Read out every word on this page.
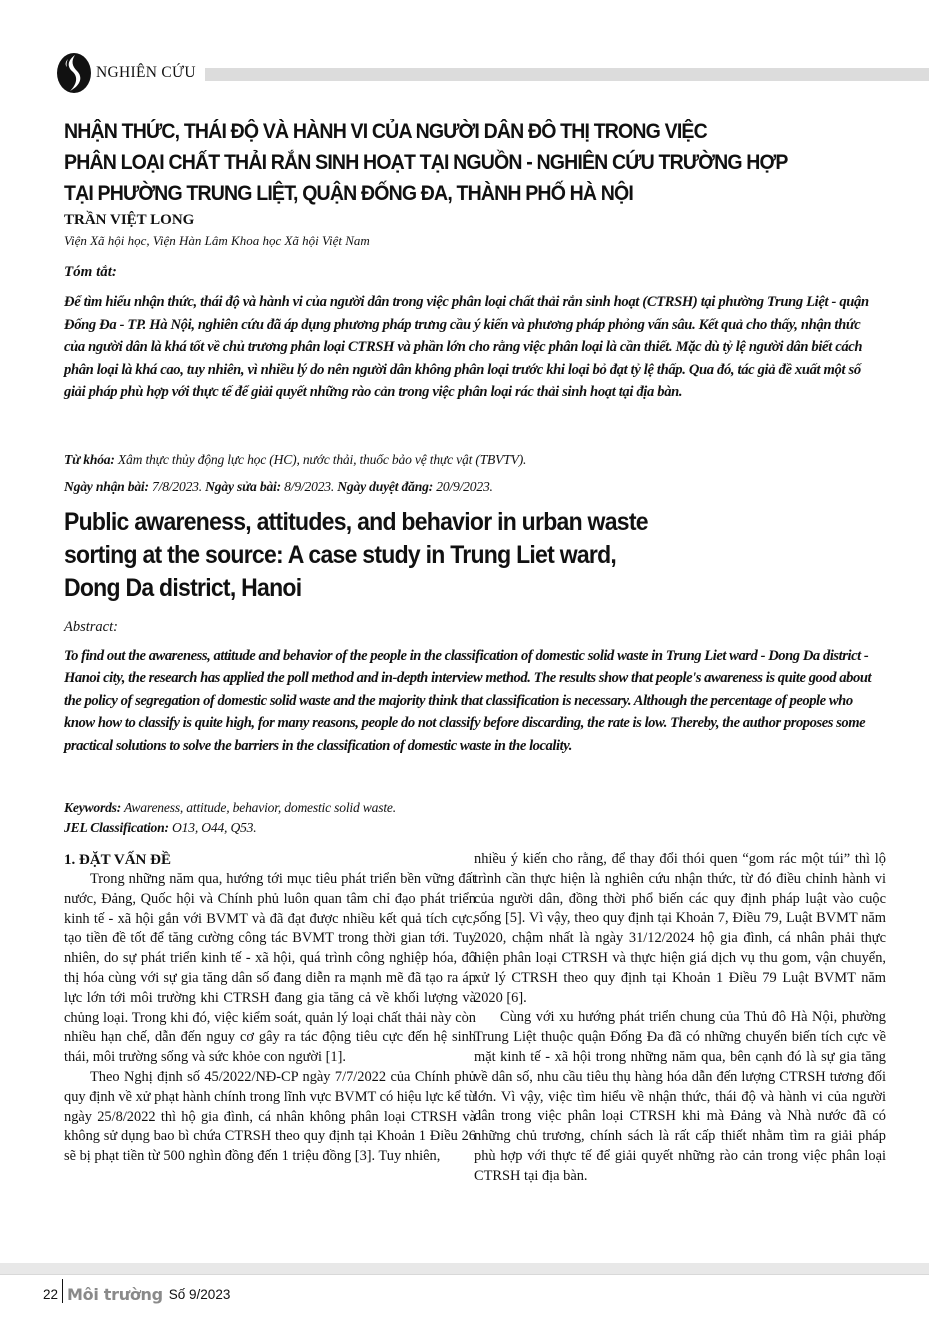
NGHIÊN CỨU
NHẬN THỨC, THÁI ĐỘ VÀ HÀNH VI CỦA NGƯỜI DÂN ĐÔ THỊ TRONG VIỆC
PHÂN LOẠI CHẤT THẢI RẮN SINH HOẠT TẠI NGUỒN - NGHIÊN CỨU TRƯỜNG HỢP
TẠI PHƯỜNG TRUNG LIỆT, QUẬN ĐỐNG ĐA, THÀNH PHỐ HÀ NỘI
TRẦN VIỆT LONG
Viện Xã hội học, Viện Hàn Lâm Khoa học Xã hội Việt Nam
Tóm tắt:
Để tìm hiểu nhận thức, thái độ và hành vi của người dân trong việc phân loại chất thải rắn sinh hoạt (CTRSH) tại phường Trung Liệt - quận Đống Đa - TP. Hà Nội, nghiên cứu đã áp dụng phương pháp trưng cầu ý kiến và phương pháp phỏng vấn sâu. Kết quả cho thấy, nhận thức của người dân là khá tốt về chủ trương phân loại CTRSH và phần lớn cho rằng việc phân loại là cần thiết. Mặc dù tỷ lệ người dân biết cách phân loại là khá cao, tuy nhiên, vì nhiều lý do nên người dân không phân loại trước khi loại bỏ đạt tỷ lệ thấp. Qua đó, tác giả đề xuất một số giải pháp phù hợp với thực tế để giải quyết những rào cản trong việc phân loại rác thải sinh hoạt tại địa bàn.
Từ khóa: Xâm thực thủy động lực học (HC), nước thải, thuốc bảo vệ thực vật (TBVTV).
Ngày nhận bài: 7/8/2023. Ngày sửa bài: 8/9/2023. Ngày duyệt đăng: 20/9/2023.
Public awareness, attitudes, and behavior in urban waste
sorting at the source: A case study in Trung Liet ward,
Dong Da district, Hanoi
Abstract:
To find out the awareness, attitude and behavior of the people in the classification of domestic solid waste in Trung Liet ward - Dong Da district - Hanoi city, the research has applied the poll method and in-depth interview method. The results show that people's awareness is quite good about the policy of segregation of domestic solid waste and the majority think that classification is necessary. Although the percentage of people who know how to classify is quite high, for many reasons, people do not classify before discarding, the rate is low. Thereby, the author proposes some practical solutions to solve the barriers in the classification of domestic waste in the locality.
Keywords: Awareness, attitude, behavior, domestic solid waste.
JEL Classification: O13, O44, Q53.
1. ĐẶT VẤN ĐỀ

Trong những năm qua, hướng tới mục tiêu phát triển bền vững đất nước, Đảng, Quốc hội và Chính phủ luôn quan tâm chỉ đạo phát triển kinh tế - xã hội gắn với BVMT và đã đạt được nhiều kết quả tích cực, tạo tiền đề tốt để tăng cường công tác BVMT trong thời gian tới. Tuy nhiên, do sự phát triển kinh tế - xã hội, quá trình công nghiệp hóa, đô thị hóa cùng với sự gia tăng dân số đang diễn ra mạnh mẽ đã tạo ra áp lực lớn tới môi trường khi CTRSH đang gia tăng cả về khối lượng và chủng loại. Trong khi đó, việc kiểm soát, quản lý loại chất thải này còn nhiều hạn chế, dẫn đến nguy cơ gây ra tác động tiêu cực đến hệ sinh thái, môi trường sống và sức khỏe con người [1].

Theo Nghị định số 45/2022/NĐ-CP ngày 7/7/2022 của Chính phủ quy định về xử phạt hành chính trong lĩnh vực BVMT có hiệu lực kể từ ngày 25/8/2022 thì hộ gia đình, cá nhân không phân loại CTRSH và không sử dụng bao bì chứa CTRSH theo quy định tại Khoản 1 Điều 26 sẽ bị phạt tiền từ 500 nghìn đồng đến 1 triệu đồng [3]. Tuy nhiên,

nhiều ý kiến cho rằng, để thay đổi thói quen “gom rác một túi” thì lộ trình cần thực hiện là nghiên cứu nhận thức, từ đó điều chỉnh hành vi của người dân, đồng thời phổ biến các quy định pháp luật vào cuộc sống [5]. Vì vậy, theo quy định tại Khoản 7, Điều 79, Luật BVMT năm 2020, chậm nhất là ngày 31/12/2024 hộ gia đình, cá nhân phải thực hiện phân loại CTRSH và thực hiện giá dịch vụ thu gom, vận chuyển, xử lý CTRSH theo quy định tại Khoản 1 Điều 79 Luật BVMT năm 2020 [6].

Cùng với xu hướng phát triển chung của Thủ đô Hà Nội, phường Trung Liệt thuộc quận Đống Đa đã có những chuyển biến tích cực về mặt kinh tế - xã hội trong những năm qua, bên cạnh đó là sự gia tăng về dân số, nhu cầu tiêu thụ hàng hóa dẫn đến lượng CTRSH tương đối lớn. Vì vậy, việc tìm hiểu về nhận thức, thái độ và hành vi của người dân trong việc phân loại CTRSH khi mà Đảng và Nhà nước đã có những chủ trương, chính sách là rất cấp thiết nhằm tìm ra giải pháp phù hợp với thực tế để giải quyết những rào cản trong việc phân loại CTRSH tại địa bàn.

22 Môi trường Số 9/2023
